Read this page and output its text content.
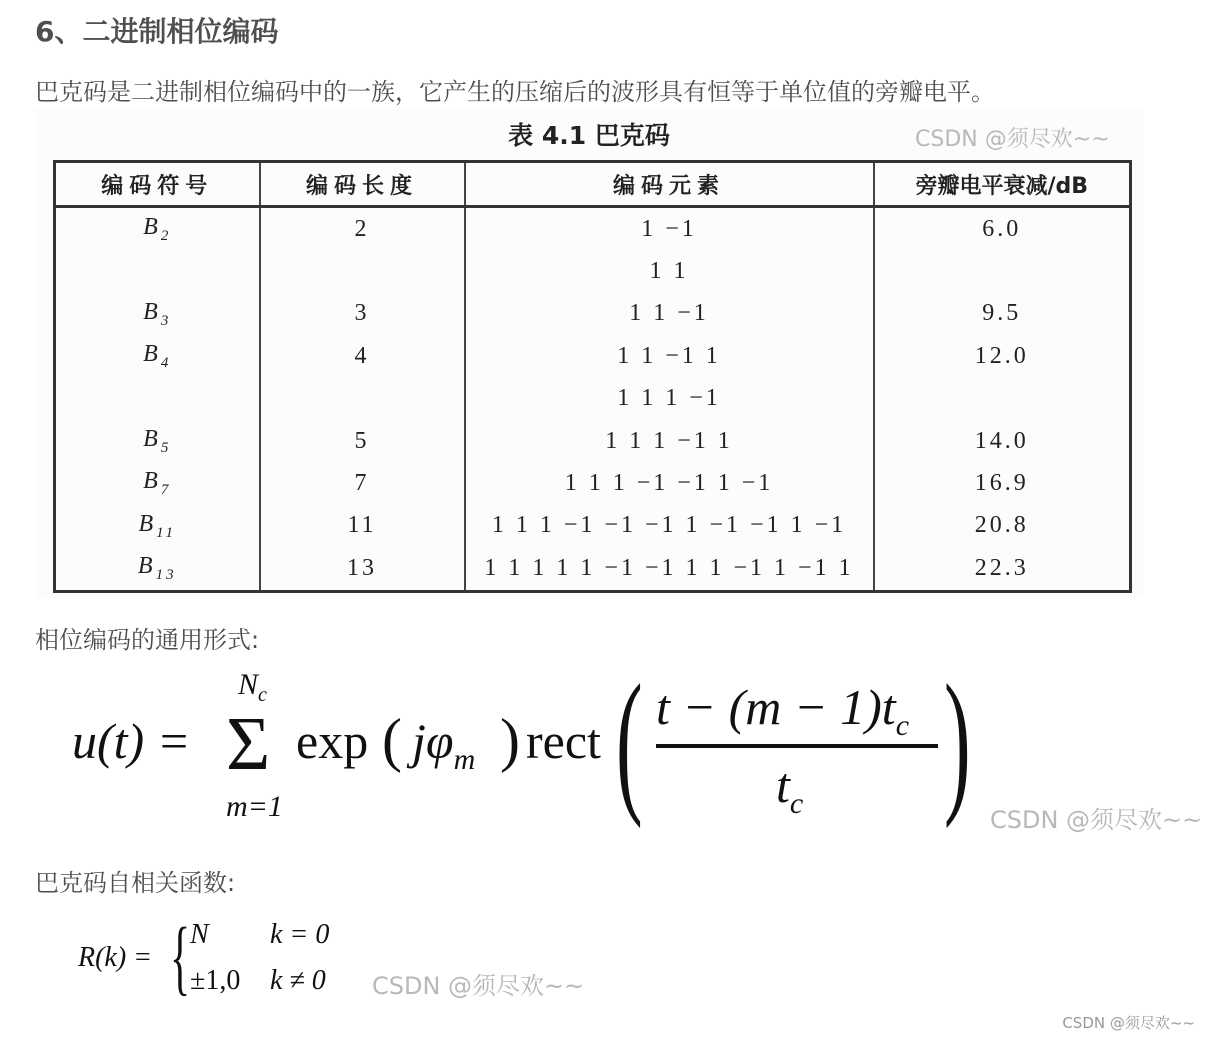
6、二进制相位编码
巴克码是二进制相位编码中的一族，它产生的压缩后的波形具有恒等于单位值的旁瓣电平。
表 4.1 巴克码
编码符号	编码长度	编码元素	旁瓣电平衰减/dB
$B_2$	2	1 −1	6.0
		1 1	
$B_3$	3	1 1 −1	9.5
$B_4$	4	1 1 −1 1	12.0
		1 1 1 −1	
$B_5$	5	1 1 1 −1 1	14.0
$B_7$	7	1 1 1 −1 −1 1 −1	16.9
$B_{11}$	11	1 1 1 −1 −1 −1 1 −1 −1 1 −1	20.8
$B_{13}$	13	1 1 1 1 1 −1 −1 1 1 −1 1 −1 1	22.3
CSDN @须尽欢~~
相位编码的通用形式:
u(t) =
$N_c$
Σ
m=1
exp ( $j\varphi_m$ ) rect ( $t - (m - 1)t_c$
$t_c$ ) CSDN @须尽欢~~
巴克码自相关函数:
R(k) = { N k = 0
±1,0 k ≠ 0 CSDN @须尽欢~~
CSDN @须尽欢~~
